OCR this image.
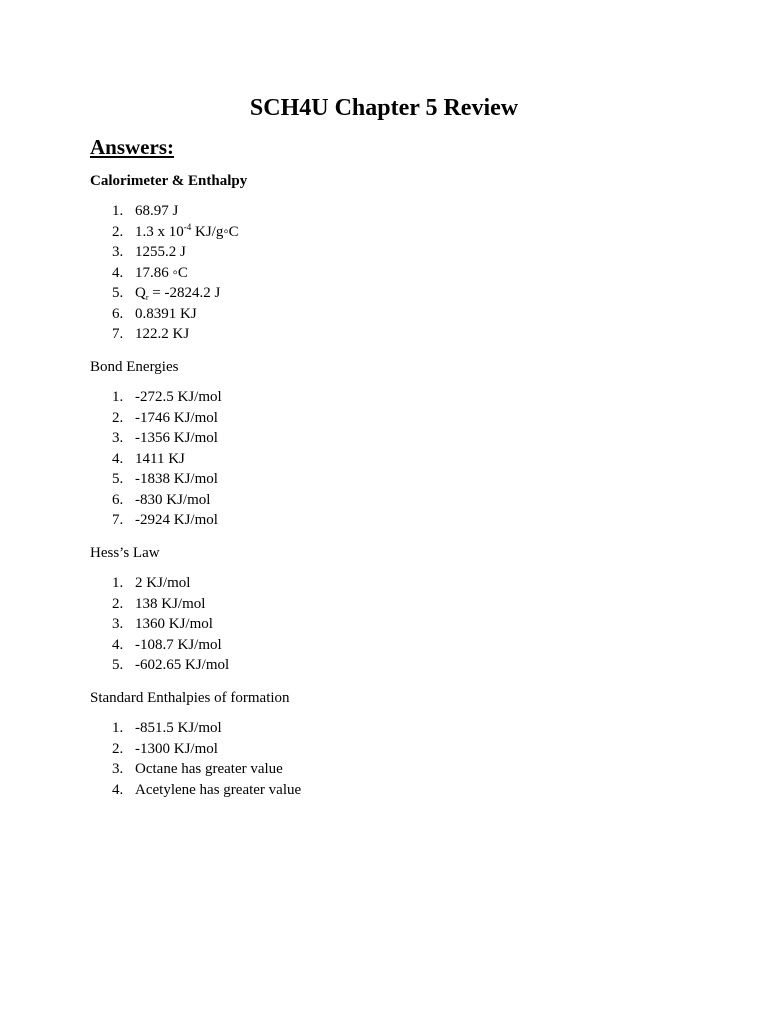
SCH4U Chapter 5 Review
Answers:
Calorimeter & Enthalpy
1. 68.97 J
2. 1.3 x $10^{-4}$ KJ/g◦C
3. 1255.2 J
4. 17.86 ◦C
5. $Q_r = -2824.2$ J
6. 0.8391 KJ
7. 122.2 KJ
Bond Energies
1. -272.5 KJ/mol
2. -1746 KJ/mol
3. -1356 KJ/mol
4. 1411 KJ
5. -1838 KJ/mol
6. -830 KJ/mol
7. -2924 KJ/mol
Hess’s Law
1. 2 KJ/mol
2. 138 KJ/mol
3. 1360 KJ/mol
4. -108.7 KJ/mol
5. -602.65 KJ/mol
Standard Enthalpies of formation
1. -851.5 KJ/mol
2. -1300 KJ/mol
3. Octane has greater value
4. Acetylene has greater value
